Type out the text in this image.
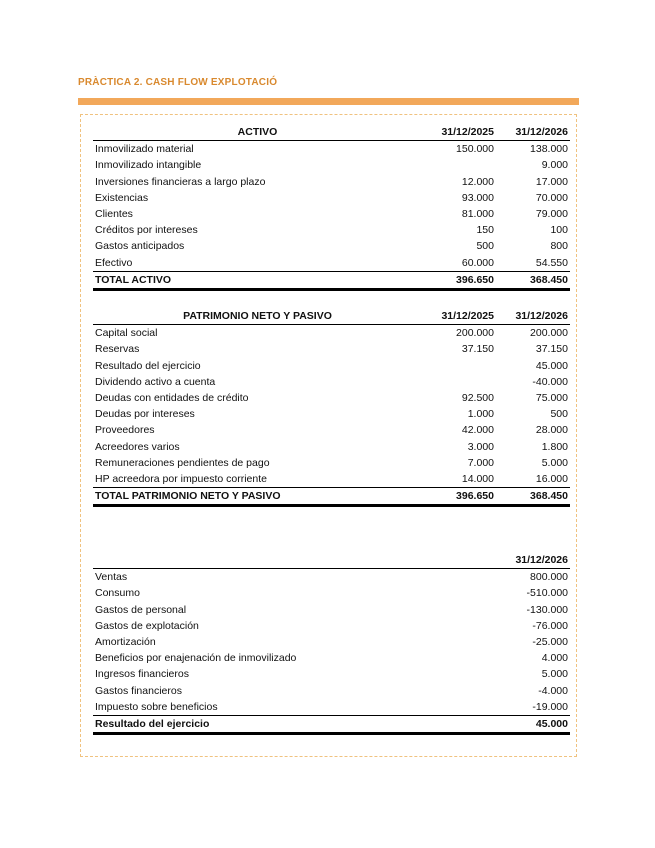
PRÀCTICA 2. CASH FLOW EXPLOTACIÓ
ACTIVO	31/12/2025	31/12/2026
Inmovilizado material	150.000	138.000
Inmovilizado intangible		9.000
Inversiones financieras a largo plazo	12.000	17.000
Existencias	93.000	70.000
Clientes	81.000	79.000
Créditos por intereses	150	100
Gastos anticipados	500	800
Efectivo	60.000	54.550
TOTAL ACTIVO	396.650	368.450
PATRIMONIO NETO Y PASIVO	31/12/2025	31/12/2026
Capital social	200.000	200.000
Reservas	37.150	37.150
Resultado del ejercicio		45.000
Dividendo activo a cuenta		-40.000
Deudas con entidades de crédito	92.500	75.000
Deudas por intereses	1.000	500
Proveedores	42.000	28.000
Acreedores varios	3.000	1.800
Remuneraciones pendientes de pago	7.000	5.000
HP acreedora por impuesto corriente	14.000	16.000
TOTAL PATRIMONIO NETO Y PASIVO	396.650	368.450
	31/12/2026
Ventas	800.000
Consumo	-510.000
Gastos de personal	-130.000
Gastos de explotación	-76.000
Amortización	-25.000
Beneficios por enajenación de inmovilizado	4.000
Ingresos financieros	5.000
Gastos financieros	-4.000
Impuesto sobre beneficios	-19.000
Resultado del ejercicio	45.000
